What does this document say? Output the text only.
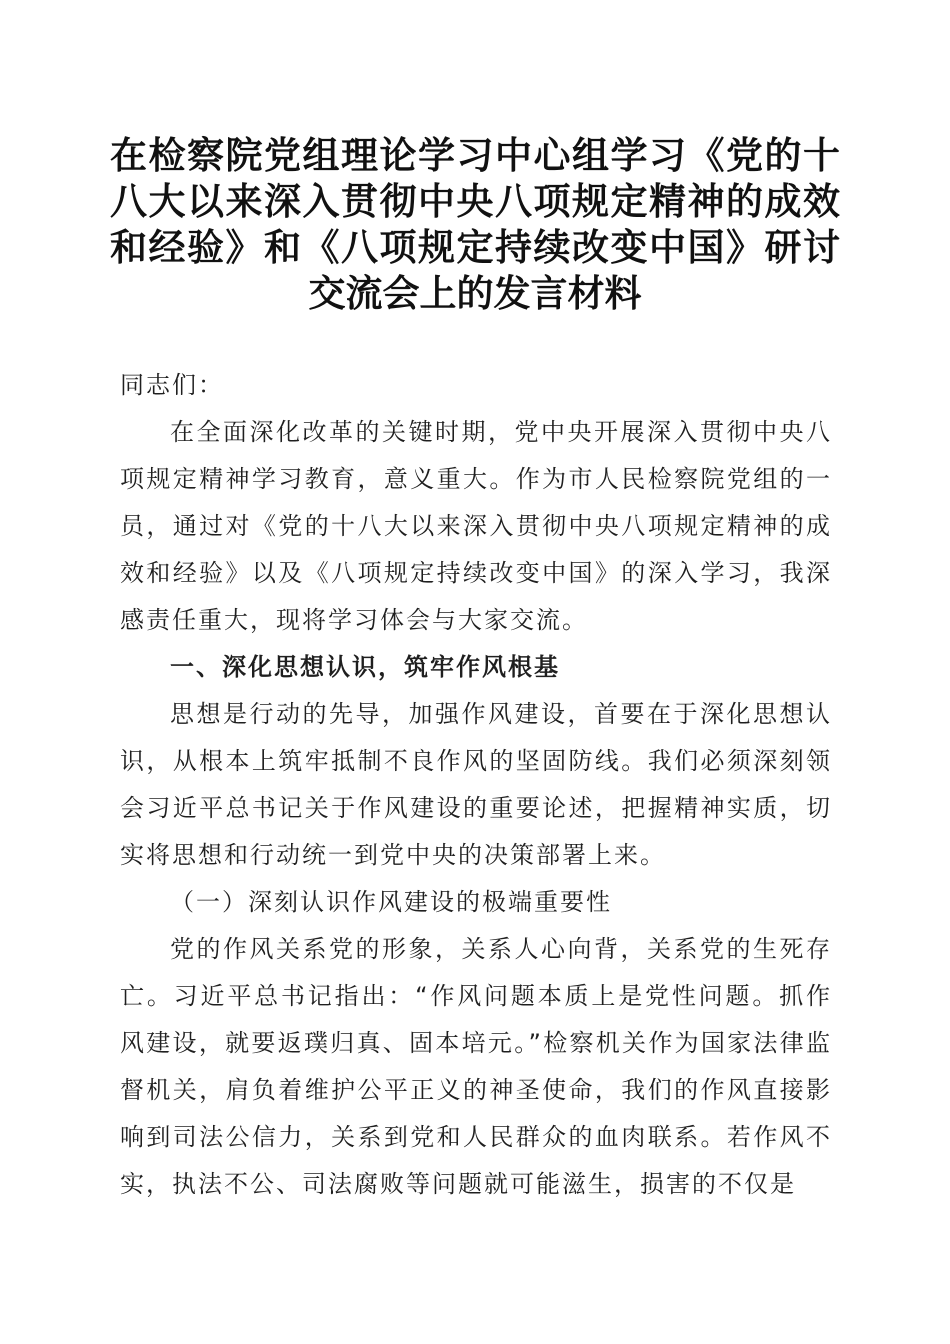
在检察院党组理论学习中心组学习《党的十八大以来深入贯彻中央八项规定精神的成效和经验》和《八项规定持续改变中国》研讨交流会上的发言材料

同志们：

在全面深化改革的关键时期，党中央开展深入贯彻中央八项规定精神学习教育，意义重大。作为市人民检察院党组的一员，通过对《党的十八大以来深入贯彻中央八项规定精神的成效和经验》以及《八项规定持续改变中国》的深入学习，我深感责任重大，现将学习体会与大家交流。

一、深化思想认识，筑牢作风根基

思想是行动的先导，加强作风建设，首要在于深化思想认识，从根本上筑牢抵制不良作风的坚固防线。我们必须深刻领会习近平总书记关于作风建设的重要论述，把握精神实质，切实将思想和行动统一到党中央的决策部署上来。

（一）深刻认识作风建设的极端重要性

党的作风关系党的形象，关系人心向背，关系党的生死存亡。习近平总书记指出：“作风问题本质上是党性问题。抓作风建设，就要返璞归真、固本培元。”检察机关作为国家法律监督机关，肩负着维护公平正义的神圣使命，我们的作风直接影响到司法公信力，关系到党和人民群众的血肉联系。若作风不实，执法不公、司法腐败等问题就可能滋生，损害的不仅是
